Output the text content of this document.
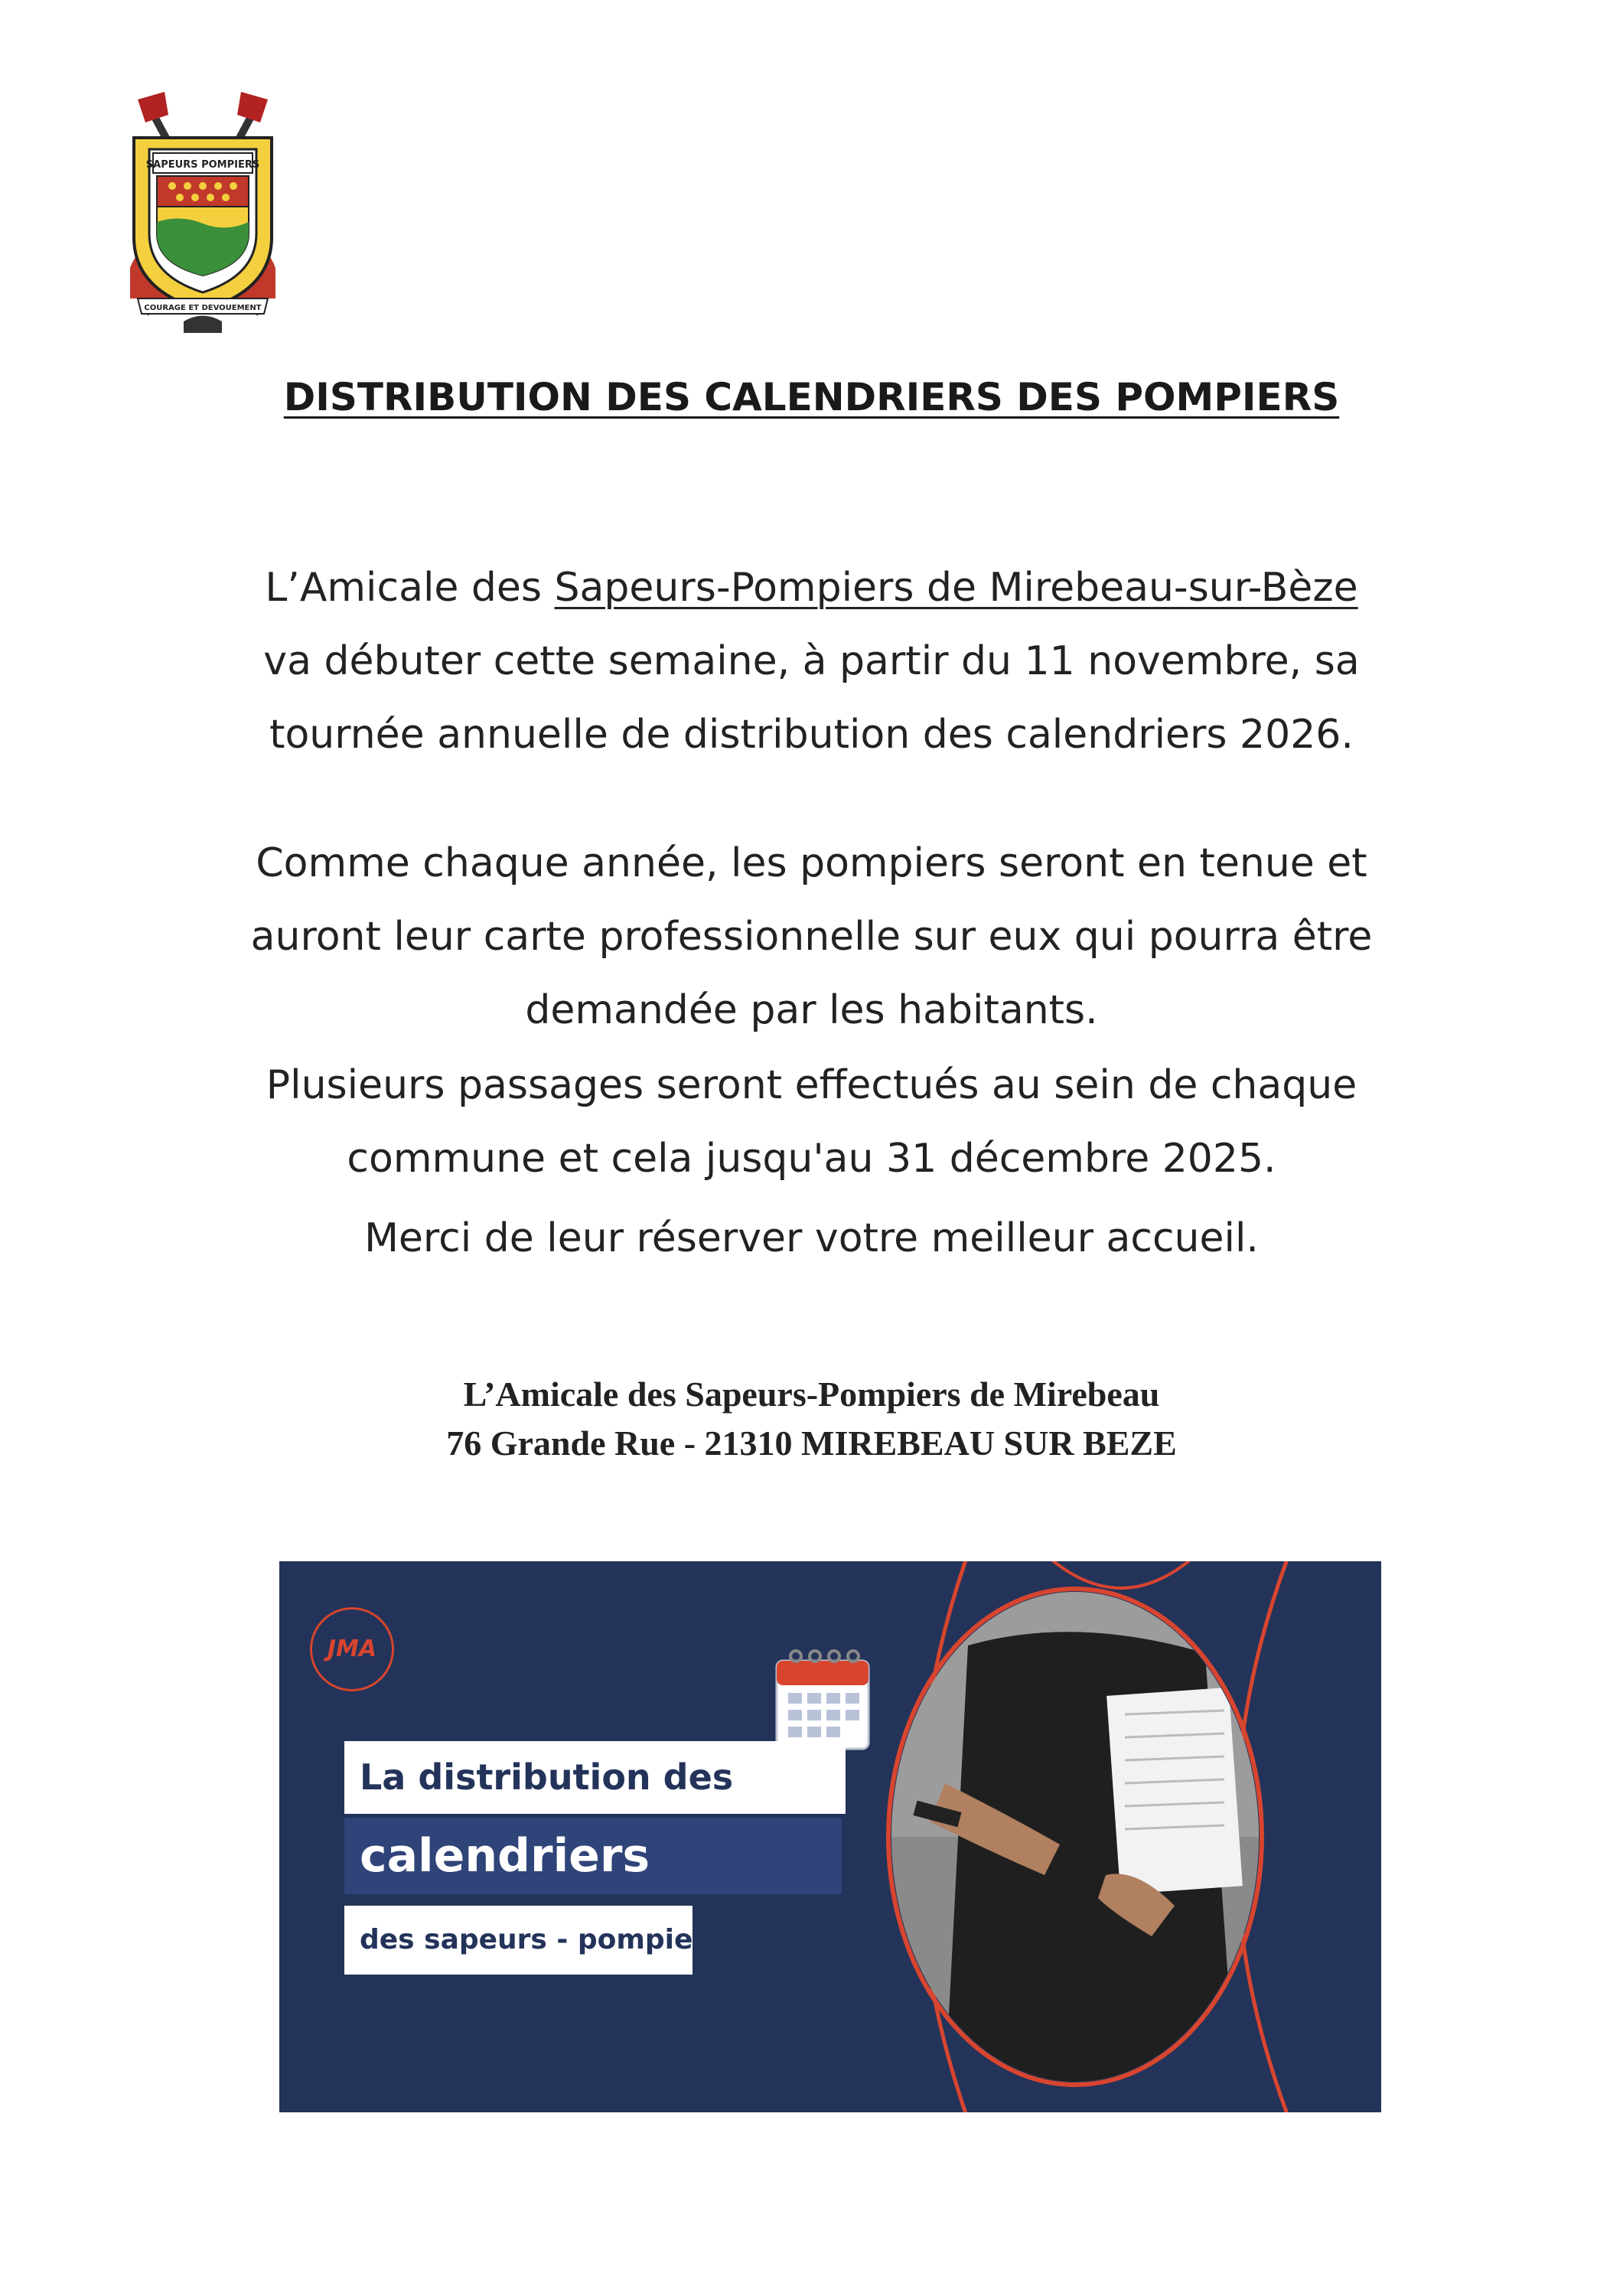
SAPEURS POMPIERS
COURAGE ET DEVOUEMENT
DISTRIBUTION DES CALENDRIERS DES POMPIERS
L’Amicale des Sapeurs-Pompiers de Mirebeau-sur-Bèze
va débuter cette semaine, à partir du 11 novembre, sa
tournée annuelle de distribution des calendriers 2026.
Comme chaque année, les pompiers seront en tenue et
auront leur carte professionnelle sur eux qui pourra être
demandée par les habitants.
Plusieurs passages seront effectués au sein de chaque
commune et cela jusqu'au 31 décembre 2025.
Merci de leur réserver votre meilleur accueil.
L’Amicale des Sapeurs-Pompiers de Mirebeau
76 Grande Rue - 21310 MIREBEAU SUR BEZE
JMA
La distribution des
calendriers
des sapeurs - pompiers
